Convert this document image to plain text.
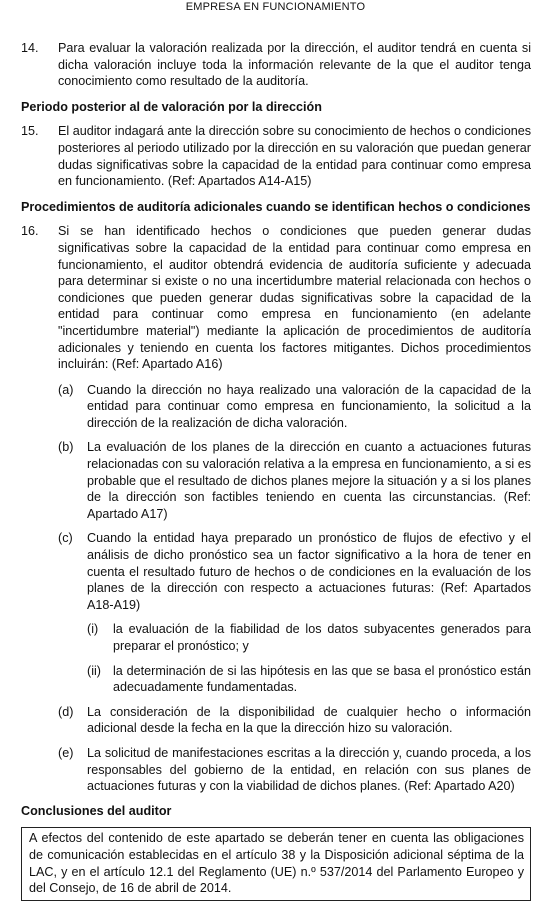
EMPRESA EN FUNCIONAMIENTO
14.	Para evaluar la valoración realizada por la dirección, el auditor tendrá en cuenta si dicha valoración incluye toda la información relevante de la que el auditor tenga conocimiento como resultado de la auditoría.
Periodo posterior al de valoración por la dirección
15.	El auditor indagará ante la dirección sobre su conocimiento de hechos o condiciones posteriores al periodo utilizado por la dirección en su valoración que puedan generar dudas significativas sobre la capacidad de la entidad para continuar como empresa en funcionamiento. (Ref: Apartados A14-A15)
Procedimientos de auditoría adicionales cuando se identifican hechos o condiciones
16.	Si se han identificado hechos o condiciones que pueden generar dudas significativas sobre la capacidad de la entidad para continuar como empresa en funcionamiento, el auditor obtendrá evidencia de auditoría suficiente y adecuada para determinar si existe o no una incertidumbre material relacionada con hechos o condiciones que pueden generar dudas significativas sobre la capacidad de la entidad para continuar como empresa en funcionamiento (en adelante "incertidumbre material") mediante la aplicación de procedimientos de auditoría adicionales y teniendo en cuenta los factores mitigantes. Dichos procedimientos incluirán: (Ref: Apartado A16)
(a)	Cuando la dirección no haya realizado una valoración de la capacidad de la entidad para continuar como empresa en funcionamiento, la solicitud a la dirección de la realización de dicha valoración.
(b)	La evaluación de los planes de la dirección en cuanto a actuaciones futuras relacionadas con su valoración relativa a la empresa en funcionamiento, a si es probable que el resultado de dichos planes mejore la situación y a si los planes de la dirección son factibles teniendo en cuenta las circunstancias. (Ref: Apartado A17)
(c)	Cuando la entidad haya preparado un pronóstico de flujos de efectivo y el análisis de dicho pronóstico sea un factor significativo a la hora de tener en cuenta el resultado futuro de hechos o de condiciones en la evaluación de los planes de la dirección con respecto a actuaciones futuras: (Ref: Apartados A18-A19)
(i)	la evaluación de la fiabilidad de los datos subyacentes generados para preparar el pronóstico; y
(ii) la determinación de si las hipótesis en las que se basa el pronóstico están adecuadamente fundamentadas.
(d)	La consideración de la disponibilidad de cualquier hecho o información adicional desde la fecha en la que la dirección hizo su valoración.
(e)	La solicitud de manifestaciones escritas a la dirección y, cuando proceda, a los responsables del gobierno de la entidad, en relación con sus planes de actuaciones futuras y con la viabilidad de dichos planes. (Ref: Apartado A20)
Conclusiones del auditor
A efectos del contenido de este apartado se deberán tener en cuenta las obligaciones de comunicación establecidas en el artículo 38 y la Disposición adicional séptima de la LAC, y en el artículo 12.1 del Reglamento (UE) n.º 537/2014 del Parlamento Europeo y del Consejo, de 16 de abril de 2014.
